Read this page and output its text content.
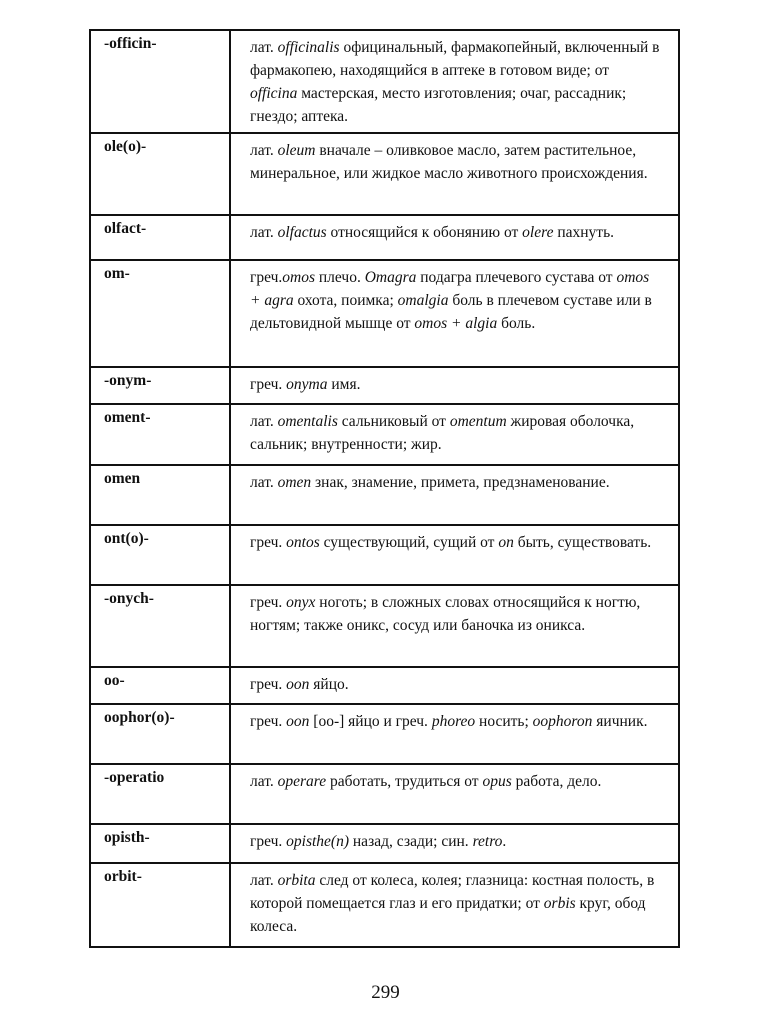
-officin-	лат. officinalis официнальный, фармакопейный, включенный в фармакопею, находящийся в аптеке в готовом виде; от officina мастерская, место изготовления; очаг, рассадник; гнездо; аптека.
ole(o)-	лат. oleum вначале – оливковое масло, затем растительное, минеральное, или жидкое масло животного происхождения.
olfact-	лат. olfactus относящийся к обонянию от olere пахнуть.
om-	греч.omos плечо. Omagra подагра плечевого сустава от omos + agra охота, поимка; omalgia боль в плечевом суставе или в дельтовидной мышце от omos + algia боль.
-onym-	греч. onyma имя.
oment-	лат. omentalis сальниковый от omentum жировая оболочка, сальник; внутренности; жир.
omen	лат. omen знак, знамение, примета, предзнаменование.
ont(o)-	греч. ontos существующий, сущий от on быть, существовать.
-onych-	греч. onyx ноготь; в сложных словах относящийся к ногтю, ногтям; также оникс, сосуд или баночка из оникса.
oo-	греч. oon яйцо.
oophor(o)-	греч. oon [oo-] яйцо и греч. phoreo носить; oophoron яичник.
-operatio	лат. operare работать, трудиться от opus работа, дело.
opisth-	греч. opisthe(n) назад, сзади; син. retro.
orbit-	лат. orbita след от колеса, колея; глазница: костная полость, в которой помещается глаз и его придатки; от orbis круг, обод колеса.
299
